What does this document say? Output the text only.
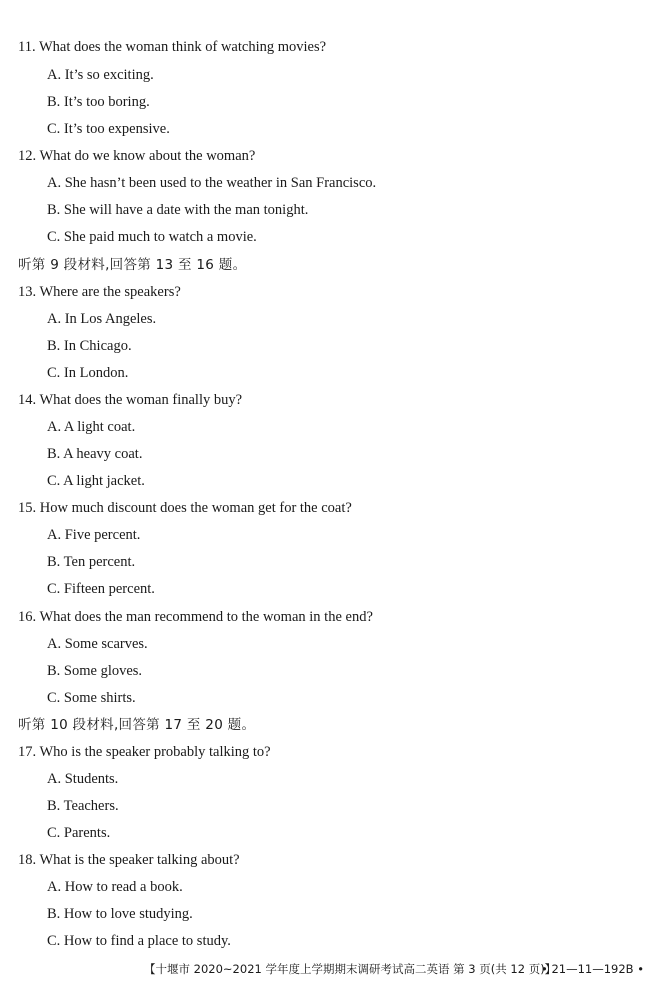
11. What does the woman think of watching movies?
A. It’s so exciting.
B. It’s too boring.
C. It’s too expensive.
12. What do we know about the woman?
A. She hasn’t been used to the weather in San Francisco.
B. She will have a date with the man tonight.
C. She paid much to watch a movie.
听第 9 段材料,回答第 13 至 16 题。
13. Where are the speakers?
A. In Los Angeles.
B. In Chicago.
C. In London.
14. What does the woman finally buy?
A. A light coat.
B. A heavy coat.
C. A light jacket.
15. How much discount does the woman get for the coat?
A. Five percent.
B. Ten percent.
C. Fifteen percent.
16. What does the man recommend to the woman in the end?
A. Some scarves.
B. Some gloves.
C. Some shirts.
听第 10 段材料,回答第 17 至 20 题。
17. Who is the speaker probably talking to?
A. Students.
B. Teachers.
C. Parents.
18. What is the speaker talking about?
A. How to read a book.
B. How to love studying.
C. How to find a place to study.
【十堰市 2020~2021 学年度上学期期末调研考试高二英语 第 3 页(共 12 页)】
• 21—11—192B •
